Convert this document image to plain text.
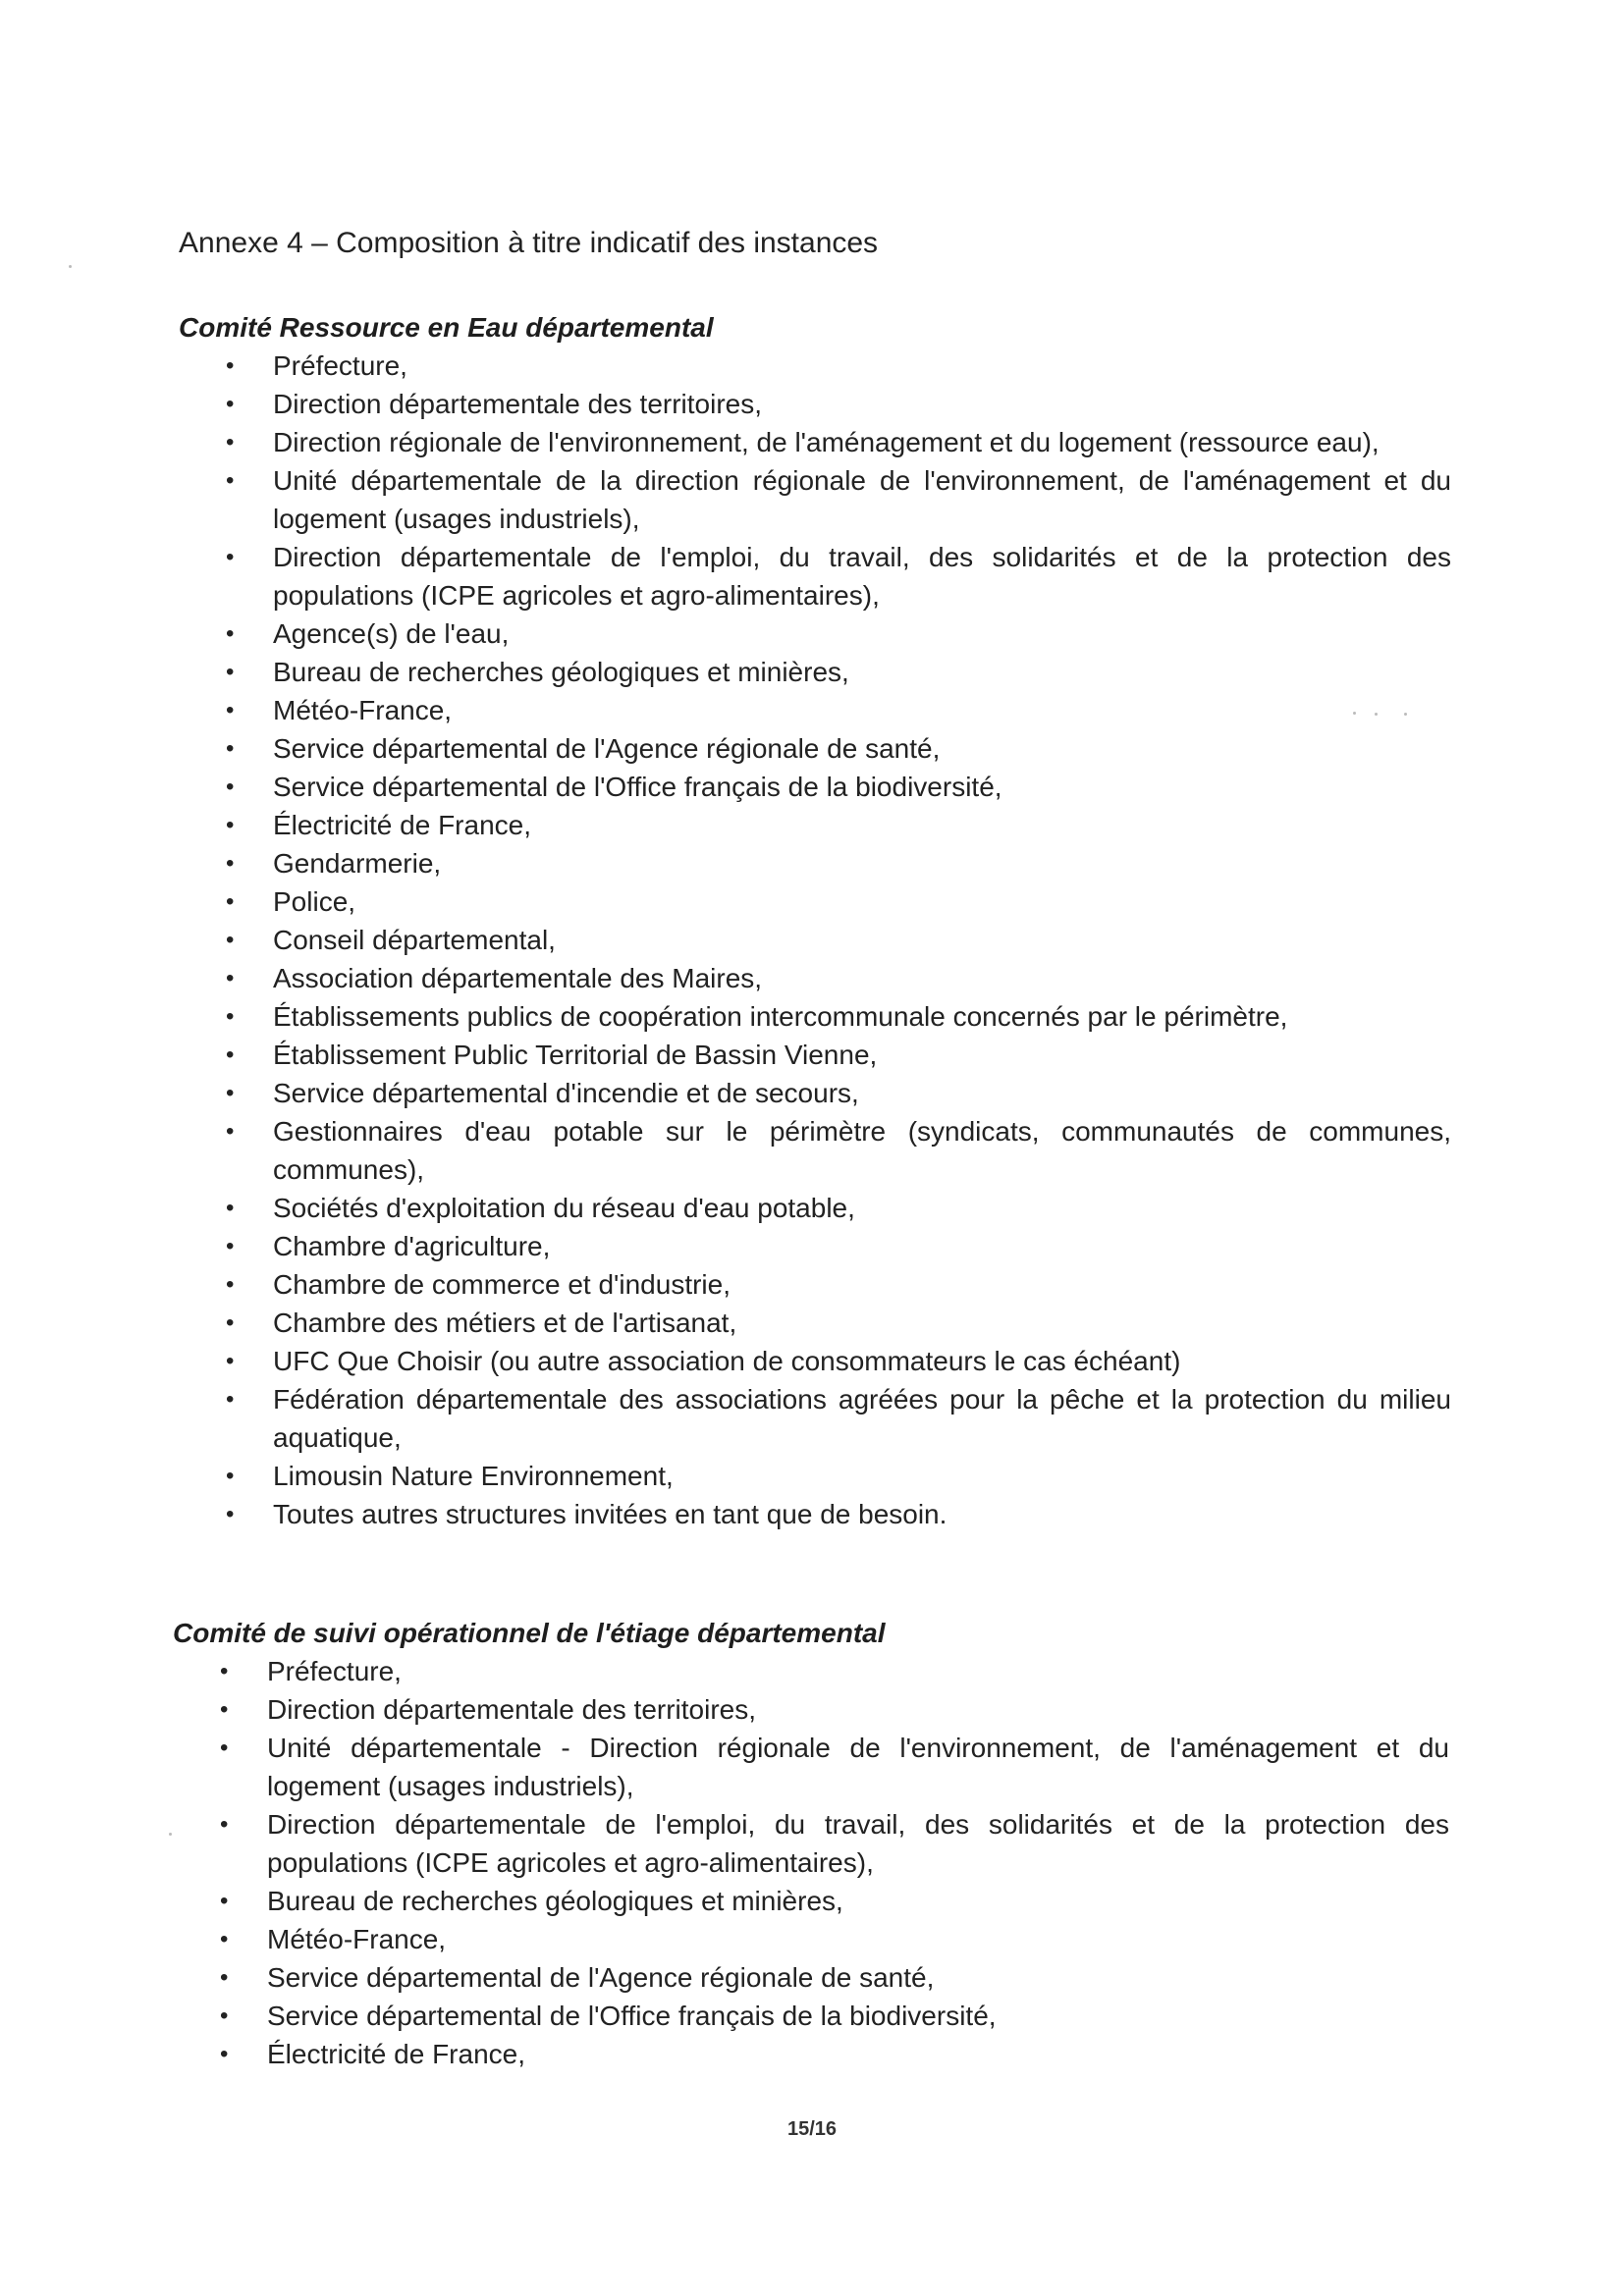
Annexe 4 – Composition à titre indicatif des instances
Comité Ressource en Eau départemental
• Préfecture,
• Direction départementale des territoires,
• Direction régionale de l'environnement, de l'aménagement et du logement (ressource eau),
• Unité départementale de la direction régionale de l'environnement, de l'aménagement et du logement (usages industriels),
• Direction départementale de l'emploi, du travail, des solidarités et de la protection des populations (ICPE agricoles et agro-alimentaires),
• Agence(s) de l'eau,
• Bureau de recherches géologiques et minières,
• Météo-France,
• Service départemental de l'Agence régionale de santé,
• Service départemental de l'Office français de la biodiversité,
• Électricité de France,
• Gendarmerie,
• Police,
• Conseil départemental,
• Association départementale des Maires,
• Établissements publics de coopération intercommunale concernés par le périmètre,
• Établissement Public Territorial de Bassin Vienne,
• Service départemental d'incendie et de secours,
• Gestionnaires d'eau potable sur le périmètre (syndicats, communautés de communes, communes),
• Sociétés d'exploitation du réseau d'eau potable,
• Chambre d'agriculture,
• Chambre de commerce et d'industrie,
• Chambre des métiers et de l'artisanat,
• UFC Que Choisir (ou autre association de consommateurs le cas échéant)
• Fédération départementale des associations agréées pour la pêche et la protection du milieu aquatique,
• Limousin Nature Environnement,
• Toutes autres structures invitées en tant que de besoin.
Comité de suivi opérationnel de l'étiage départemental
• Préfecture,
• Direction départementale des territoires,
• Unité départementale - Direction régionale de l'environnement, de l'aménagement et du logement (usages industriels),
• Direction départementale de l'emploi, du travail, des solidarités et de la protection des populations (ICPE agricoles et agro-alimentaires),
• Bureau de recherches géologiques et minières,
• Météo-France,
• Service départemental de l'Agence régionale de santé,
• Service départemental de l'Office français de la biodiversité,
• Électricité de France,
15/16
